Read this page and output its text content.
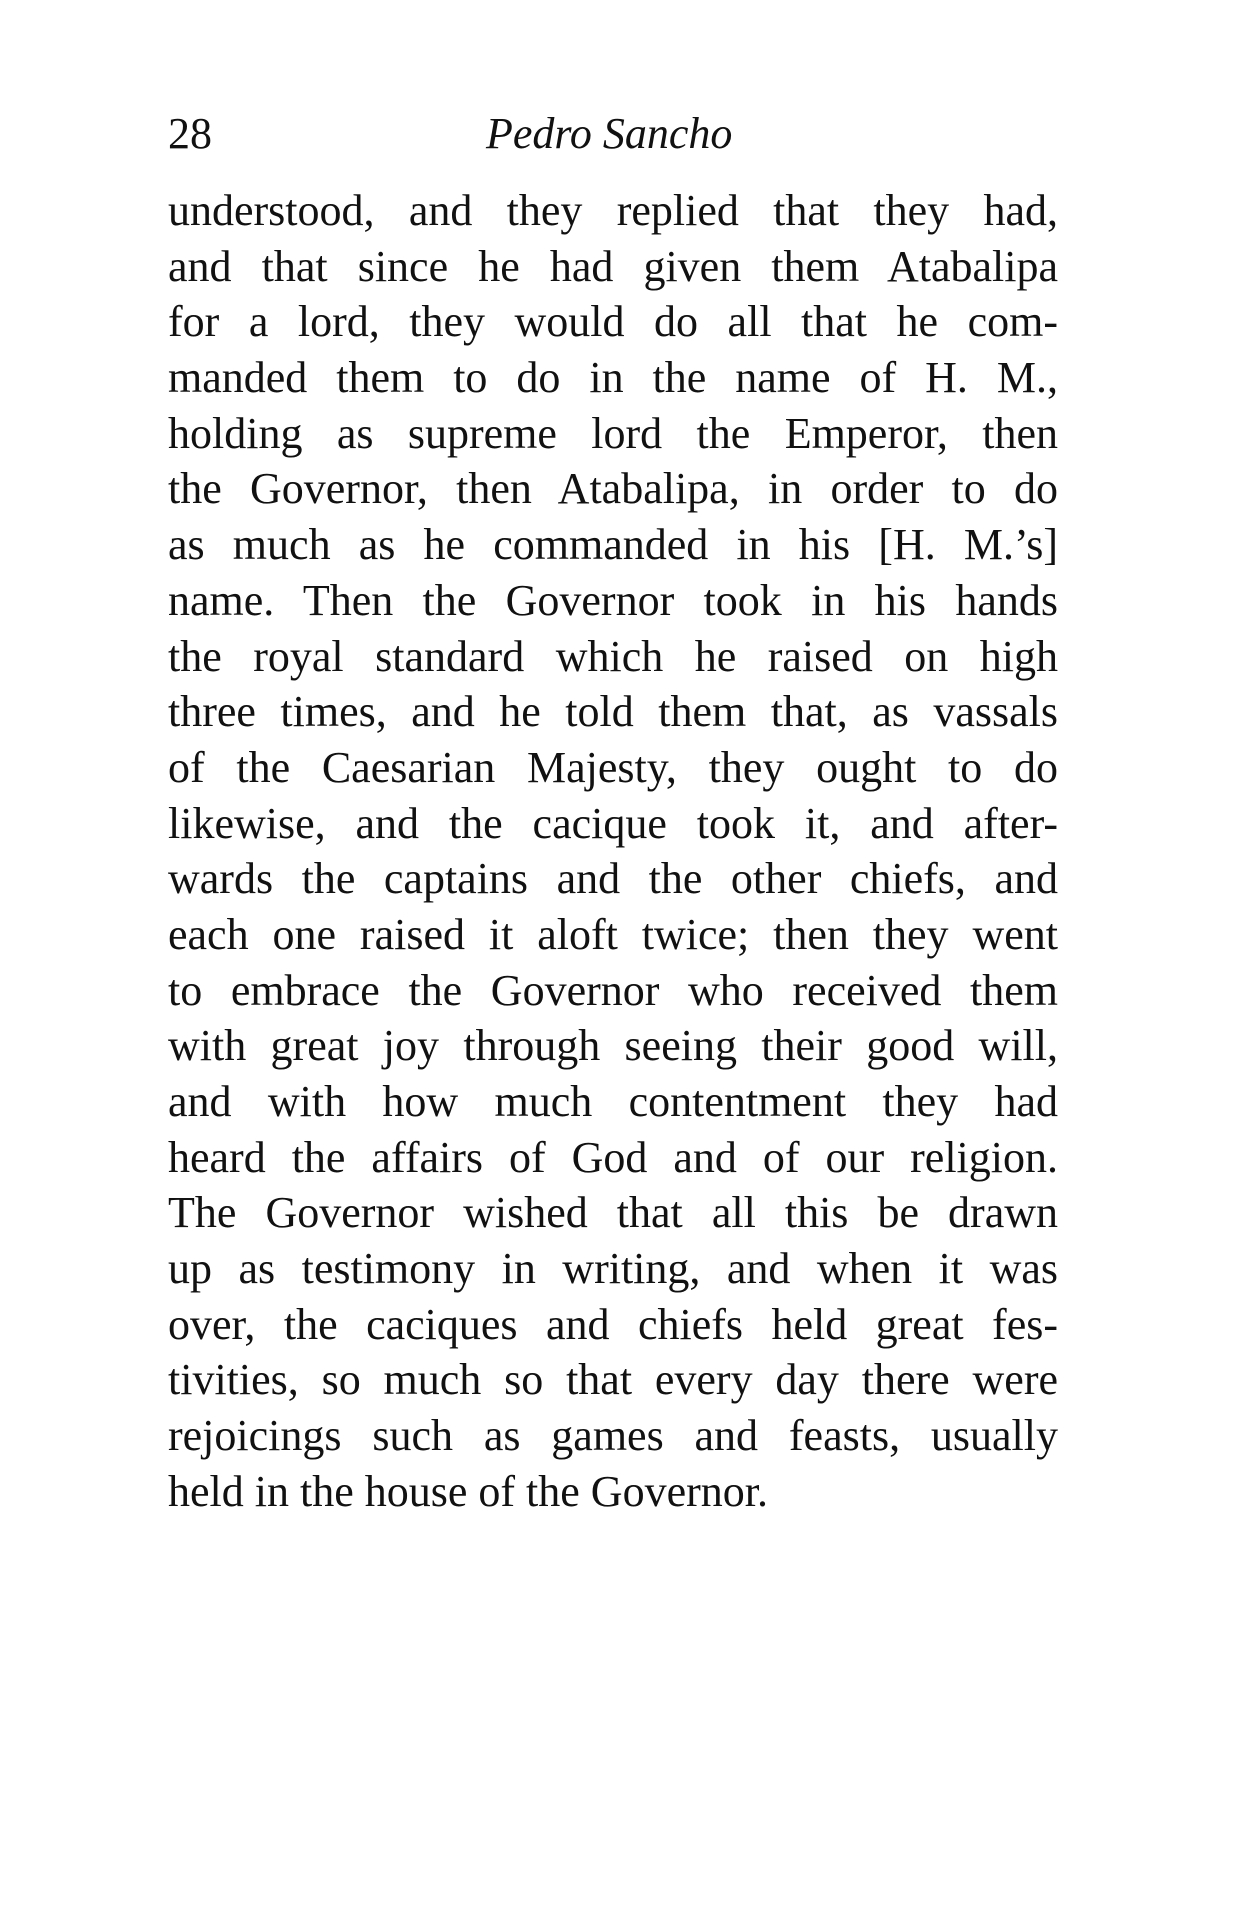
28	Pedro Sancho
understood, and they replied that they had,
and that since he had given them Atabalipa
for a lord, they would do all that he com-
manded them to do in the name of H. M.,
holding as supreme lord the Emperor, then
the Governor, then Atabalipa, in order to do
as much as he commanded in his [H. M.’s]
name. Then the Governor took in his hands
the royal standard which he raised on high
three times, and he told them that, as vassals
of the Caesarian Majesty, they ought to do
likewise, and the cacique took it, and after-
wards the captains and the other chiefs, and
each one raised it aloft twice; then they went
to embrace the Governor who received them
with great joy through seeing their good will,
and with how much contentment they had
heard the affairs of God and of our religion.
The Governor wished that all this be drawn
up as testimony in writing, and when it was
over, the caciques and chiefs held great fes-
tivities, so much so that every day there were
rejoicings such as games and feasts, usually
held in the house of the Governor.
